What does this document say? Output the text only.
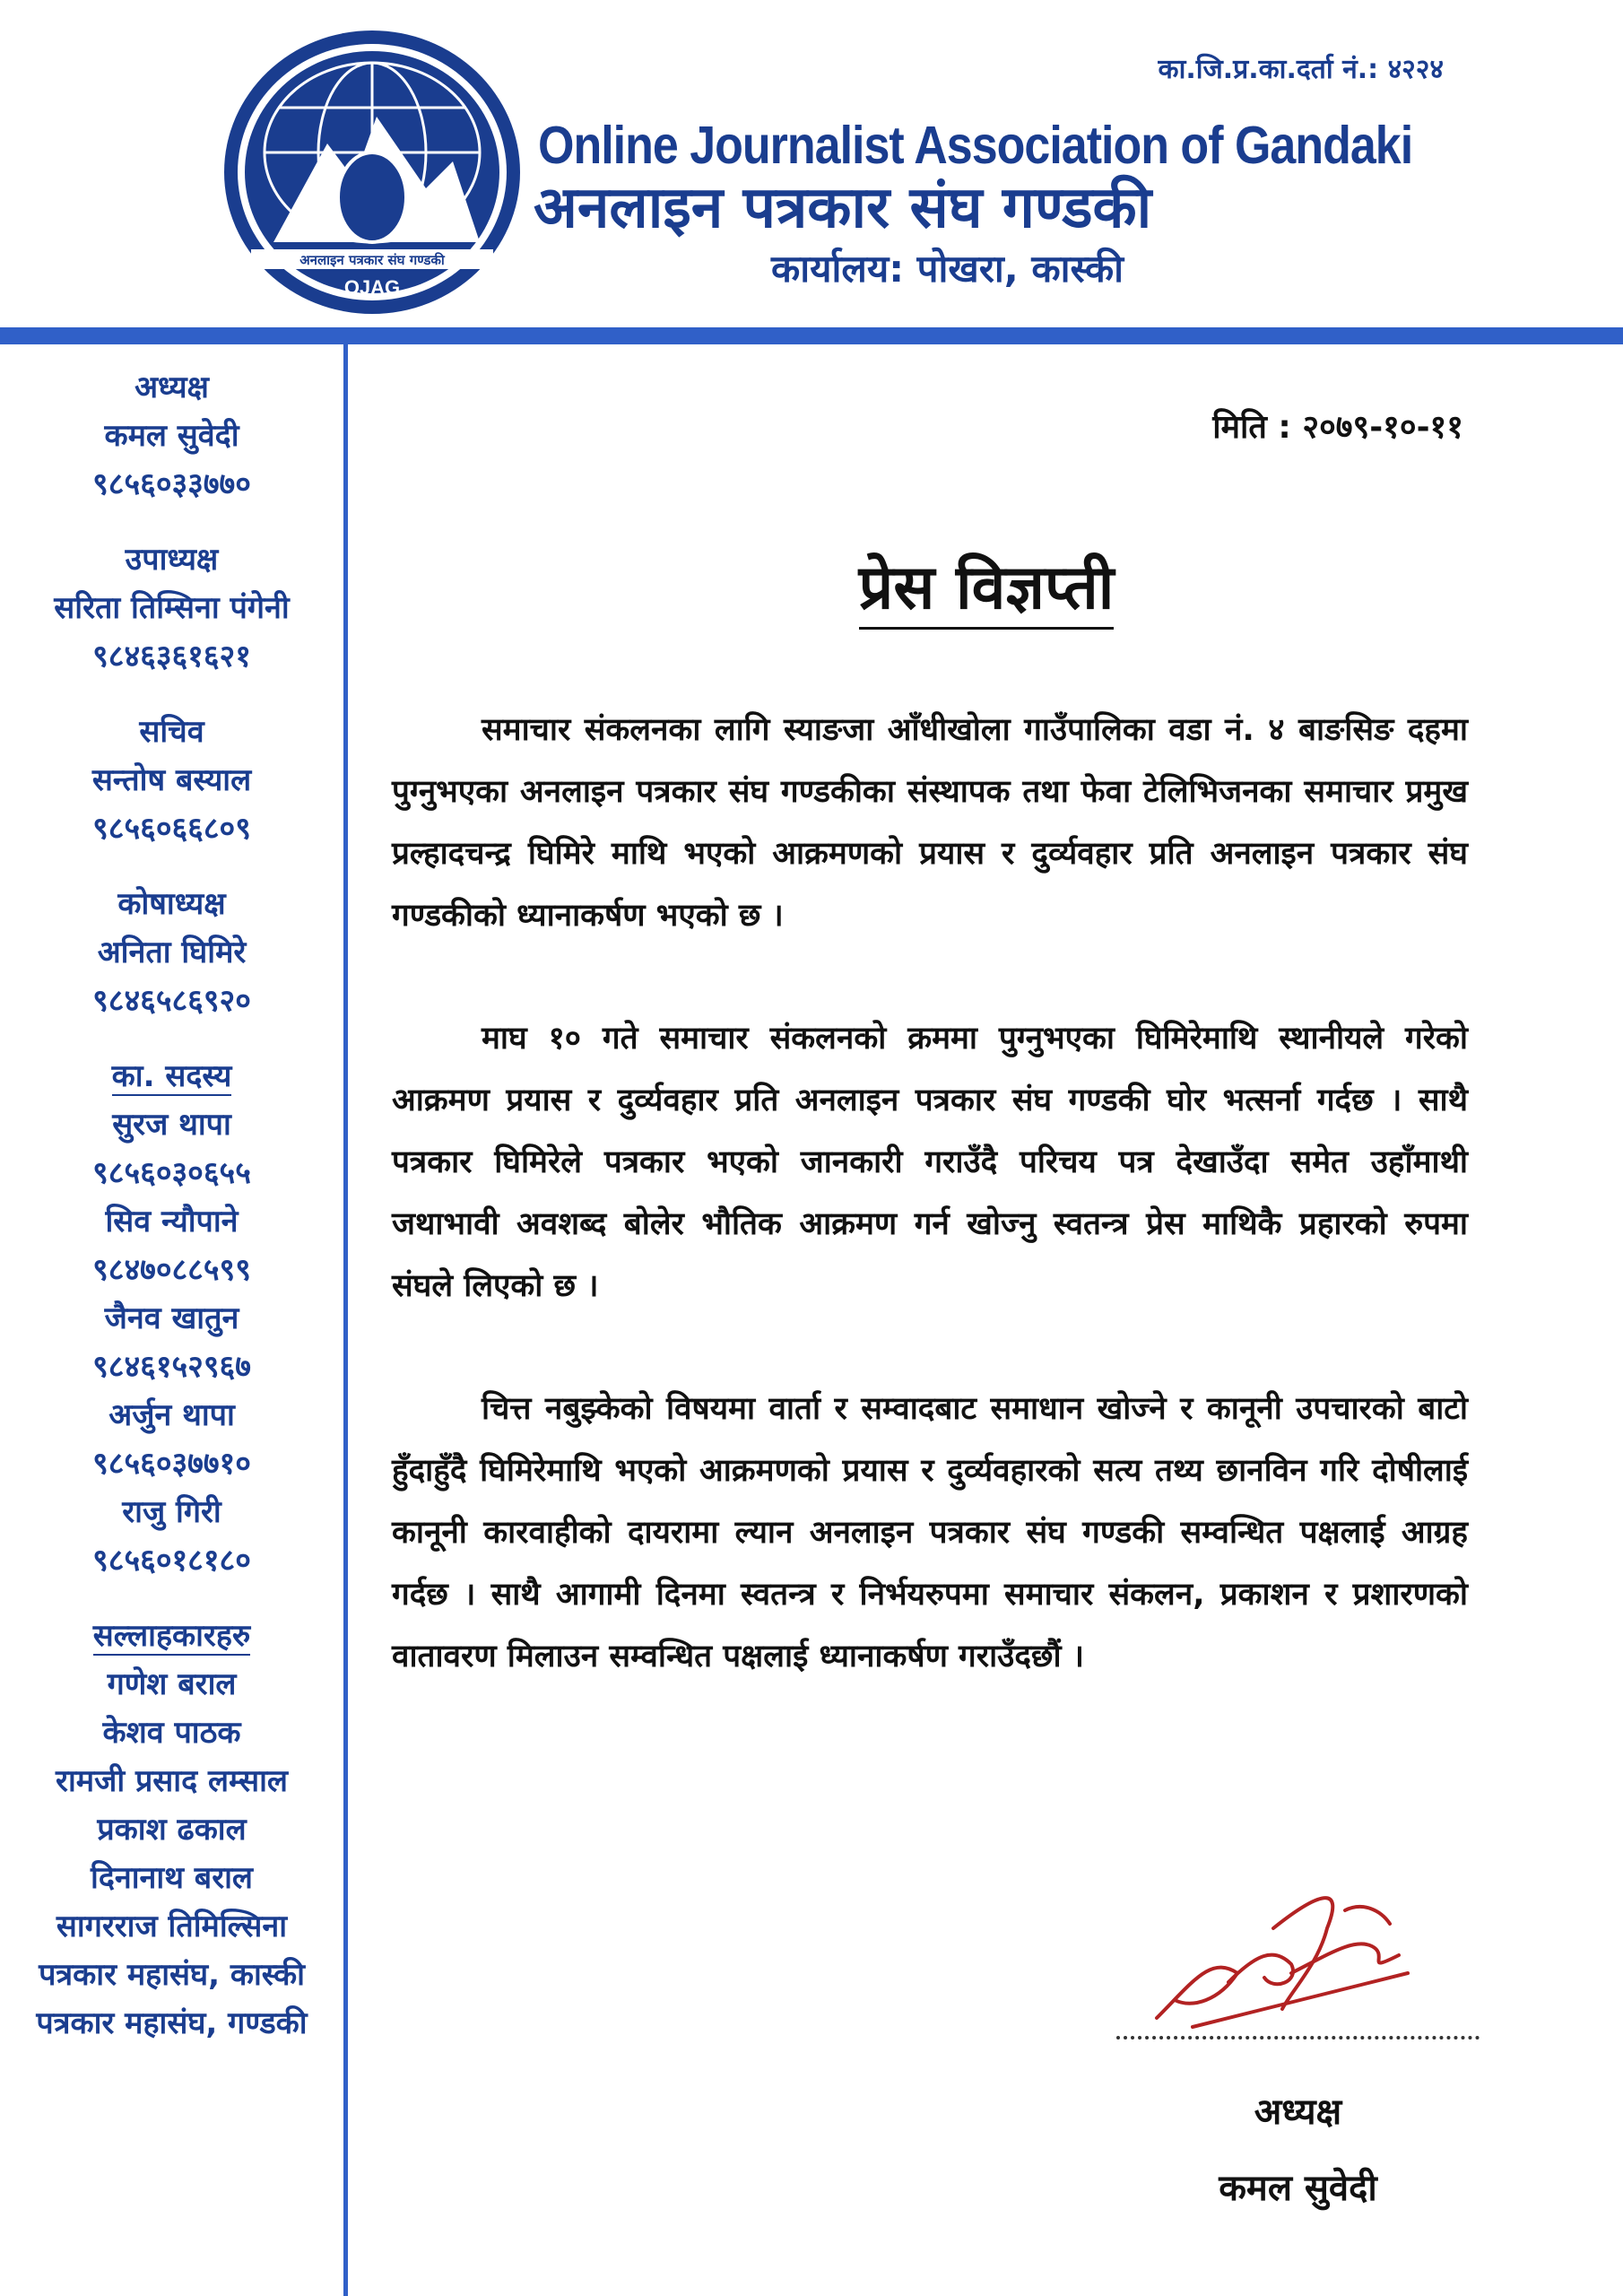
अनलाइन पत्रकार संघ गण्डकी
OJAG
का.जि.प्र.का.दर्ता नं.: ४२२४
Online Journalist Association of Gandaki
अनलाइन पत्रकार संघ गण्डकी
कार्यालय: पोखरा, कास्की
अध्यक्ष
कमल सुवेदी
९८५६०३३७७०
उपाध्यक्ष
सरिता तिम्सिना पंगेनी
९८४६३६१६२१
सचिव
सन्तोष बस्याल
९८५६०६६८०९
कोषाध्यक्ष
अनिता घिमिरे
९८४६५८६९२०
का. सदस्य
सुरज थापा
९८५६०३०६५५
सिव न्यौपाने
९८४७०८८५९९
जैनव खातुन
९८४६१५२९६७
अर्जुन थापा
९८५६०३७७१०
राजु गिरी
९८५६०१८१८०
सल्लाहकारहरु
गणेश बराल
केशव पाठक
रामजी प्रसाद लम्साल
प्रकाश ढकाल
दिनानाथ बराल
सागरराज तिमिल्सिना
पत्रकार महासंघ, कास्की
पत्रकार महासंघ, गण्डकी
मिति : २०७९-१०-११
प्रेस विज्ञप्ती

समाचार संकलनका लागि स्याङजा आँधीखोला गाउँपालिका वडा नं. ४ बाङसिङ दहमा पुग्नुभएका अनलाइन पत्रकार संघ गण्डकीका संस्थापक तथा फेवा टेलिभिजनका समाचार प्रमुख प्रल्हादचन्द्र घिमिरे माथि भएको आक्रमणको प्रयास र दुर्व्यवहार प्रति अनलाइन पत्रकार संघ गण्डकीको ध्यानाकर्षण भएको छ ।

माघ १० गते समाचार संकलनको क्रममा पुग्नुभएका घिमिरेमाथि स्थानीयले गरेको आक्रमण प्रयास र दुर्व्यवहार प्रति अनलाइन पत्रकार संघ गण्डकी घोर भत्सर्ना गर्दछ । साथै पत्रकार घिमिरेले पत्रकार भएको जानकारी गराउँदै परिचय पत्र देखाउँदा समेत उहाँमाथी जथाभावी अवशब्द बोलेर भौतिक आक्रमण गर्न खोज्नु स्वतन्त्र प्रेस माथिकै प्रहारको रुपमा संघले लिएको छ ।

चित्त नबुझ्केको विषयमा वार्ता र सम्वादबाट समाधान खोज्ने र कानूनी उपचारको बाटो हुँदाहुँदै घिमिरेमाथि भएको आक्रमणको प्रयास र दुर्व्यवहारको सत्य तथ्य छानविन गरि दोषीलाई कानूनी कारवाहीको दायरामा ल्यान अनलाइन पत्रकार संघ गण्डकी सम्वन्धित पक्षलाई आग्रह गर्दछ । साथै आगामी दिनमा स्वतन्त्र र निर्भयरुपमा समाचार संकलन, प्रकाशन र प्रशारणको वातावरण मिलाउन सम्वन्धित पक्षलाई ध्यानाकर्षण गराउँदछौं ।

अध्यक्ष
कमल सुवेदी
